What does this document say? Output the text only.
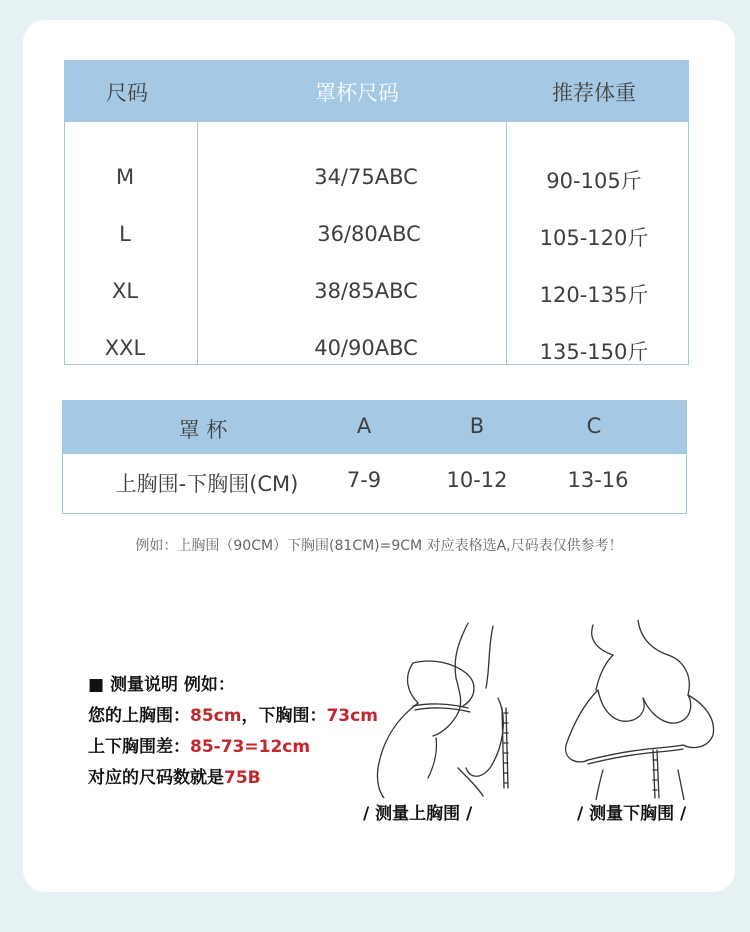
尺码	罩杯尺码	推荐体重
M	34/75ABC	90-105斤
L	36/80ABC	105-120斤
XL	38/85ABC	120-135斤
XXL	40/90ABC	135-150斤
罩 杯	A	B	C
上胸围-下胸围(CM) 7-9	10-12	13-16
例如：上胸围（90CM）下胸围(81CM)=9CM 对应表格选A,尺码表仅供参考！
■ 测量说明 例如：
您的上胸围：85cm，下胸围：73cm
上下胸围差：85-73=12cm
对应的尺码数就是75B
/ 测量上胸围 /	/ 测量下胸围 /
